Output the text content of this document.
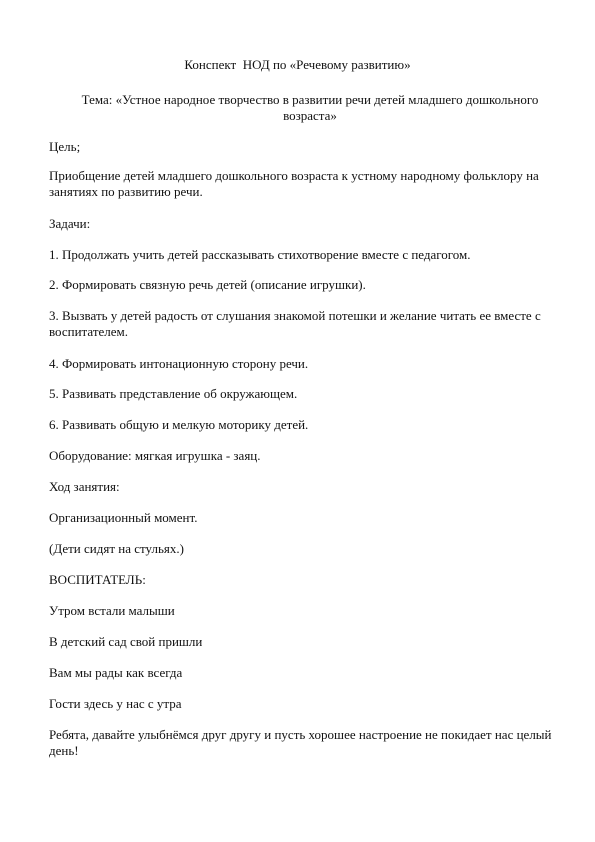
Конспект  НОД по «Речевому развитию»
Тема: «Устное народное творчество в развитии речи детей младшего дошкольного возраста»
Цель;
Приобщение детей младшего дошкольного возраста к устному народному фольклору на занятиях по развитию речи.
Задачи:
1. Продолжать учить детей рассказывать стихотворение вместе с педагогом.
2. Формировать связную речь детей (описание игрушки).
3. Вызвать у детей радость от слушания знакомой потешки и желание читать ее вместе с воспитателем.
4. Формировать интонационную сторону речи.
5. Развивать представление об окружающем.
6. Развивать общую и мелкую моторику детей.
Оборудование: мягкая игрушка - заяц.
Ход занятия:
Организационный момент.
(Дети сидят на стульях.)
ВОСПИТАТЕЛЬ:
Утром встали малыши
В детский сад свой пришли
Вам мы рады как всегда
Гости здесь у нас с утра
Ребята, давайте улыбнёмся друг другу и пусть хорошее настроение не покидает нас целый день!
